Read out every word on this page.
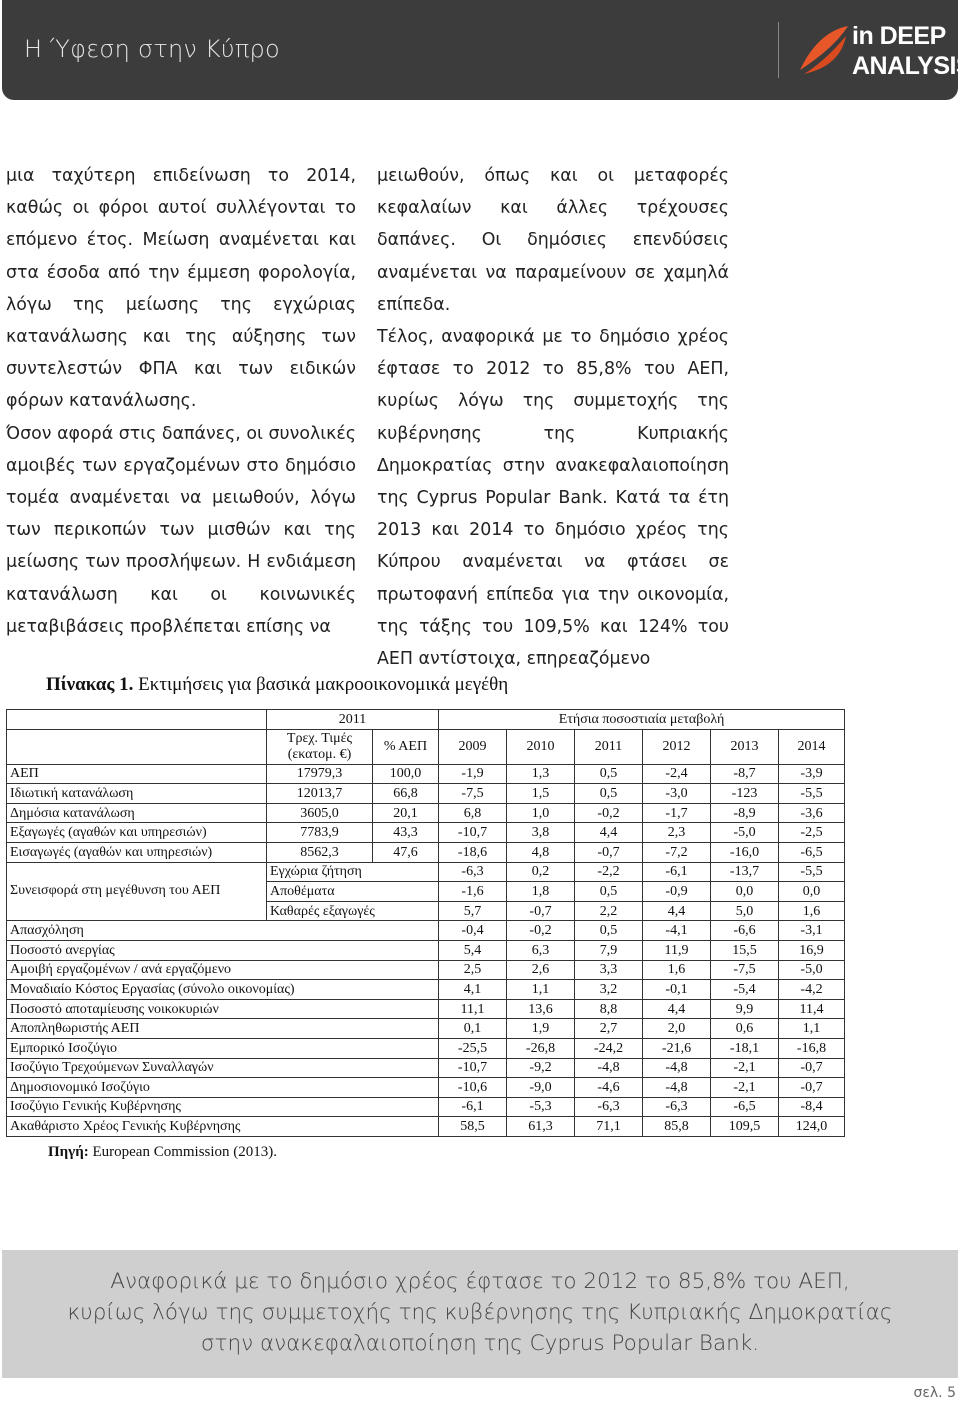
Η Ύφεση στην Κύπρο	in DEEP
ANALYSIS

μια ταχύτερη επιδείνωση το 2014, καθώς οι φόροι αυτοί συλλέγονται το επόμενο έτος. Μείωση αναμένεται και στα έσοδα από την έμμεση φορολογία, λόγω της μείωσης της εγχώριας κατανάλωσης και της αύξησης των συντελεστών ΦΠΑ και των ειδικών φόρων κατανάλωσης.

Όσον αφορά στις δαπάνες, οι συνολικές αμοιβές των εργαζομένων στο δημόσιο τομέα αναμένεται να μειωθούν, λόγω των περικοπών των μισθών και της μείωσης των προσλήψεων. Η ενδιάμεση κατανάλωση και οι κοινωνικές μεταβιβάσεις προβλέπεται επίσης να

μειωθούν, όπως και οι μεταφορές κεφαλαίων και άλλες τρέχουσες δαπάνες. Οι δημόσιες επενδύσεις αναμένεται να παραμείνουν σε χαμηλά επίπεδα.

Τέλος, αναφορικά με το δημόσιο χρέος έφτασε το 2012 το 85,8% του ΑΕΠ, κυρίως λόγω της συμμετοχής της κυβέρνησης της Κυπριακής Δημοκρατίας στην ανακεφαλαιοποίηση της Cyprus Popular Bank. Κατά τα έτη 2013 και 2014 το δημόσιο χρέος της Κύπρου αναμένεται να φτάσει σε πρωτοφανή επίπεδα για την οικονομία, της τάξης του 109,5% και 124% του ΑΕΠ αντίστοιχα, επηρεαζόμενο

Πίνακας 1. Εκτιμήσεις για βασικά μακροοικονομικά μεγέθη
	2011		Ετήσια ποσοστιαία μεταβολή					
	Τρεχ. Τιμές
(εκατομ. €)	% ΑΕΠ	2009	2010	2011	2012	2013	2014
ΑΕΠ	17979,3	100,0	-1,9	1,3	0,5	-2,4	-8,7	-3,9
Ιδιωτική κατανάλωση	12013,7	66,8	-7,5	1,5	0,5	-3,0	-123	-5,5
Δημόσια κατανάλωση	3605,0	20,1	6,8	1,0	-0,2	-1,7	-8,9	-3,6
Εξαγωγές (αγαθών και υπηρεσιών)	7783,9	43,3	-10,7	3,8	4,4	2,3	-5,0	-2,5
Εισαγωγές (αγαθών και υπηρεσιών)	8562,3	47,6	-18,6	4,8	-0,7	-7,2	-16,0	-6,5
Συνεισφορά στη μεγέθυνση του ΑΕΠ	Εγχώρια ζήτηση		-6,3	0,2	-2,2	-6,1	-13,7	-5,5
	Αποθέματα		-1,6	1,8	0,5	-0,9	0,0	0,0
	Καθαρές εξαγωγές		5,7	-0,7	2,2	4,4	5,0	1,6
Απασχόληση			-0,4	-0,2	0,5	-4,1	-6,6	-3,1
Ποσοστό ανεργίας			5,4	6,3	7,9	11,9	15,5	16,9
Αμοιβή εργαζομένων / ανά εργαζόμενο			2,5	2,6	3,3	1,6	-7,5	-5,0
Μοναδιαίο Κόστος Εργασίας (σύνολο οικονομίας)			4,1	1,1	3,2	-0,1	-5,4	-4,2
Ποσοστό αποταμίευσης νοικοκυριών			11,1	13,6	8,8	4,4	9,9	11,4
Αποπληθωριστής ΑΕΠ			0,1	1,9	2,7	2,0	0,6	1,1
Εμπορικό Ισοζύγιο			-25,5	-26,8	-24,2	-21,6	-18,1	-16,8
Ισοζύγιο Τρεχούμενων Συναλλαγών			-10,7	-9,2	-4,8	-4,8	-2,1	-0,7
Δημοσιονομικό Ισοζύγιο			-10,6	-9,0	-4,6	-4,8	-2,1	-0,7
Ισοζύγιο Γενικής Κυβέρνησης			-6,1	-5,3	-6,3	-6,3	-6,5	-8,4
Ακαθάριστο Χρέος Γενικής Κυβέρνησης			58,5	61,3	71,1	85,8	109,5	124,0
Πηγή: European Commission (2013).
Αναφορικά με το δημόσιο χρέος έφτασε το 2012 το 85,8% του ΑΕΠ,
κυρίως λόγω της συμμετοχής της κυβέρνησης της Κυπριακής Δημοκρατίας
στην ανακεφαλαιοποίηση της Cyprus Popular Bank.
σελ. 5
